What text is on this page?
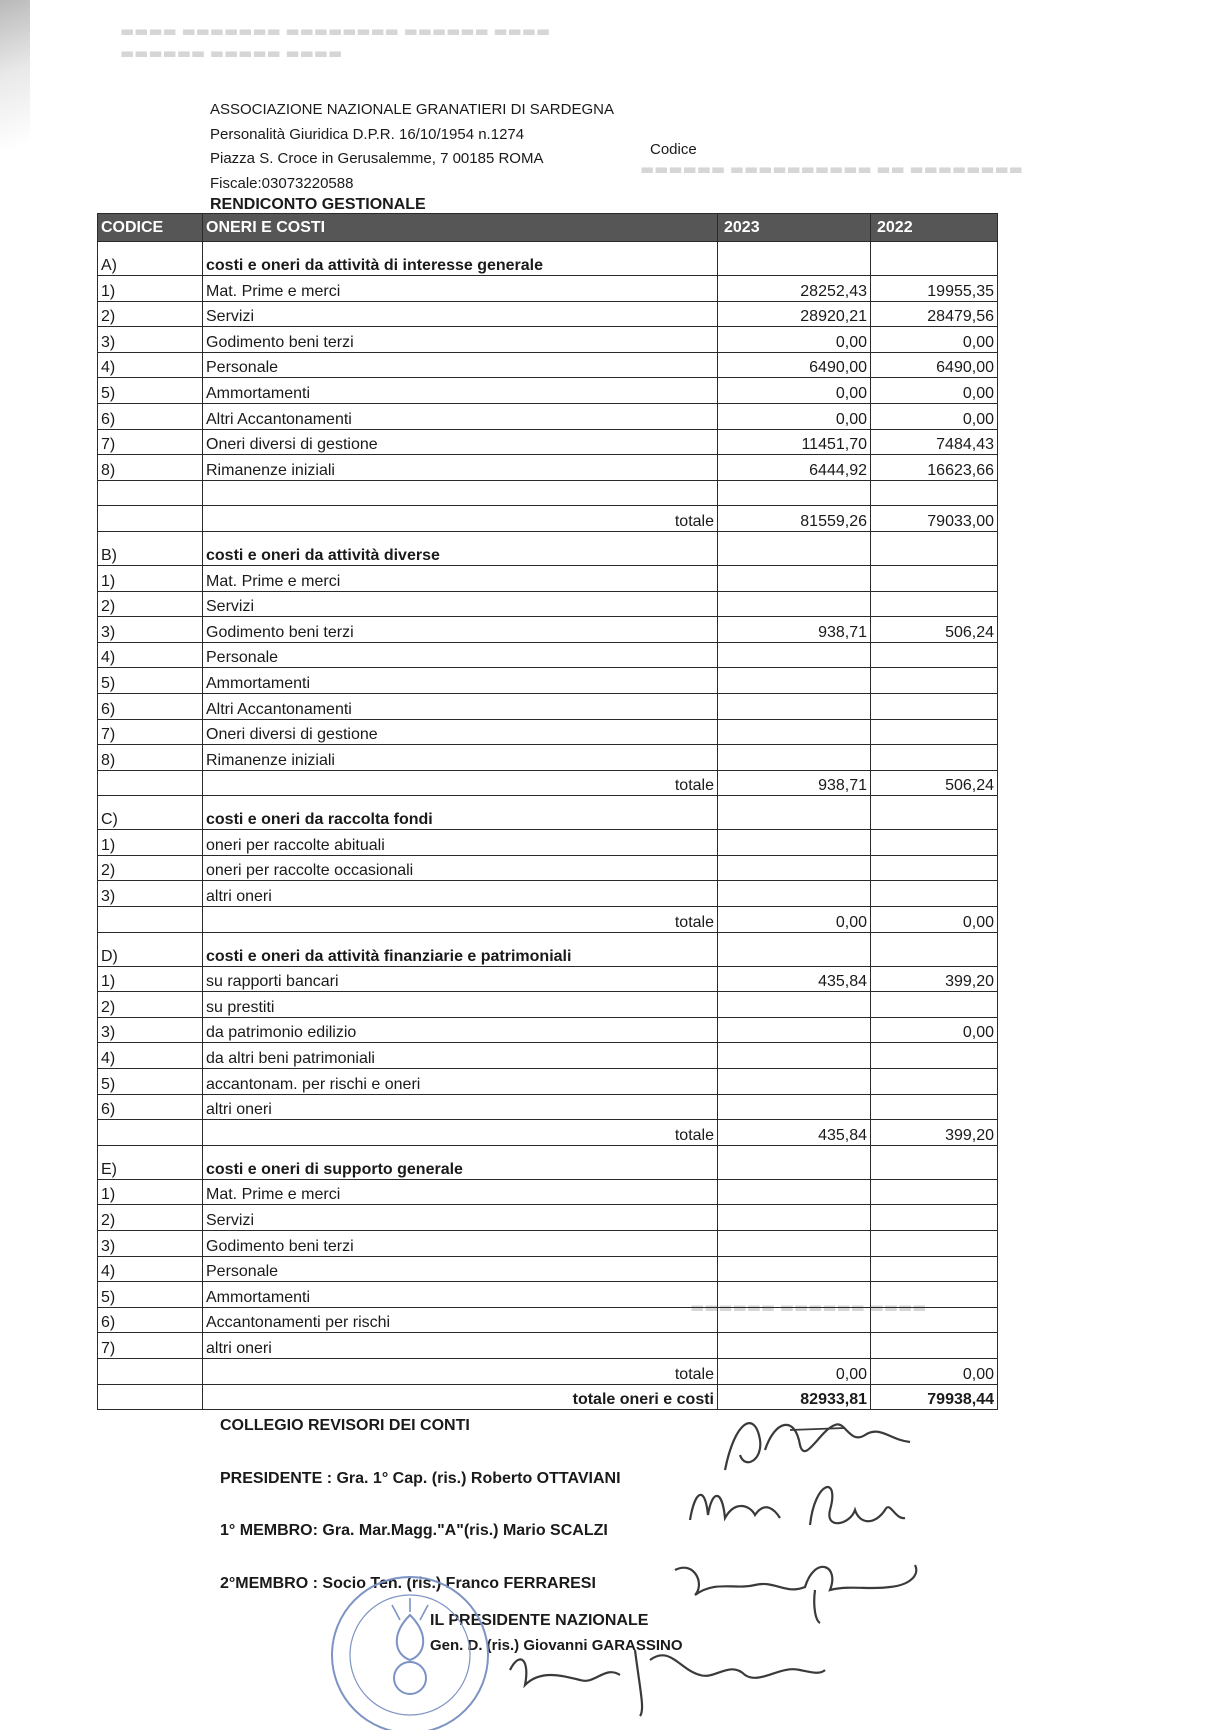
▬▬▬▬ ▬▬▬▬▬▬▬ ▬▬▬▬▬▬▬▬ ▬▬▬▬▬▬ ▬▬▬▬
▬▬▬▬▬▬ ▬▬▬▬▬ ▬▬▬▬
▬▬▬▬▬▬ ▬▬▬▬▬▬▬▬▬▬ ▬▬ ▬▬▬▬▬▬▬▬
▬▬▬▬▬▬ ▬▬▬▬▬▬ ▬▬▬▬
ASSOCIAZIONE NAZIONALE GRANATIERI DI SARDEGNA
Personalità Giuridica D.P.R. 16/10/1954 n.1274
Piazza S. Croce in Gerusalemme, 7 00185 ROMA
Fiscale:03073220588
Codice
RENDICONTO GESTIONALE
CODICE	ONERI E COSTI	2023	2022
A)	costi e oneri da attività di interesse generale		
1)	Mat. Prime e merci	28252,43	19955,35
2)	Servizi	28920,21	28479,56
3)	Godimento beni terzi	0,00	0,00
4)	Personale	6490,00	6490,00
5)	Ammortamenti	0,00	0,00
6)	Altri Accantonamenti	0,00	0,00
7)	Oneri diversi di gestione	11451,70	7484,43
8)	Rimanenze iniziali	6444,92	16623,66

	totale	81559,26	79033,00
B)	costi e oneri da attività diverse		
1)	Mat. Prime e merci		
2)	Servizi		
3)	Godimento beni terzi	938,71	506,24
4)	Personale		
5)	Ammortamenti		
6)	Altri Accantonamenti		
7)	Oneri diversi di gestione		
8)	Rimanenze iniziali		
	totale	938,71	506,24
C)	costi e oneri da raccolta fondi		
1)	oneri per raccolte abituali		
2)	oneri per raccolte occasionali		
3)	altri oneri		
	totale	0,00	0,00
D)	costi e oneri da attività finanziarie e patrimoniali		
1)	su rapporti bancari	435,84	399,20
2)	su prestiti		
3)	da patrimonio edilizio		0,00
4)	da altri beni patrimoniali		
5)	accantonam. per rischi e oneri		
6)	altri oneri		
	totale	435,84	399,20
E)	costi e oneri di supporto generale		
1)	Mat. Prime e merci		
2)	Servizi		
3)	Godimento beni terzi		
4)	Personale		
5)	Ammortamenti		
6)	Accantonamenti per rischi		
7)	altri oneri		
	totale	0,00	0,00
	totale oneri e costi	82933,81	79938,44
COLLEGIO REVISORI DEI CONTI
PRESIDENTE : Gra. 1° Cap. (ris.) Roberto OTTAVIANI
1° MEMBRO: Gra. Mar.Magg."A"(ris.) Mario SCALZI
2°MEMBRO : Socio Ten. (ris.) Franco FERRARESI
IL PRESIDENTE NAZIONALE
Gen. D. (ris.) Giovanni GARASSINO
